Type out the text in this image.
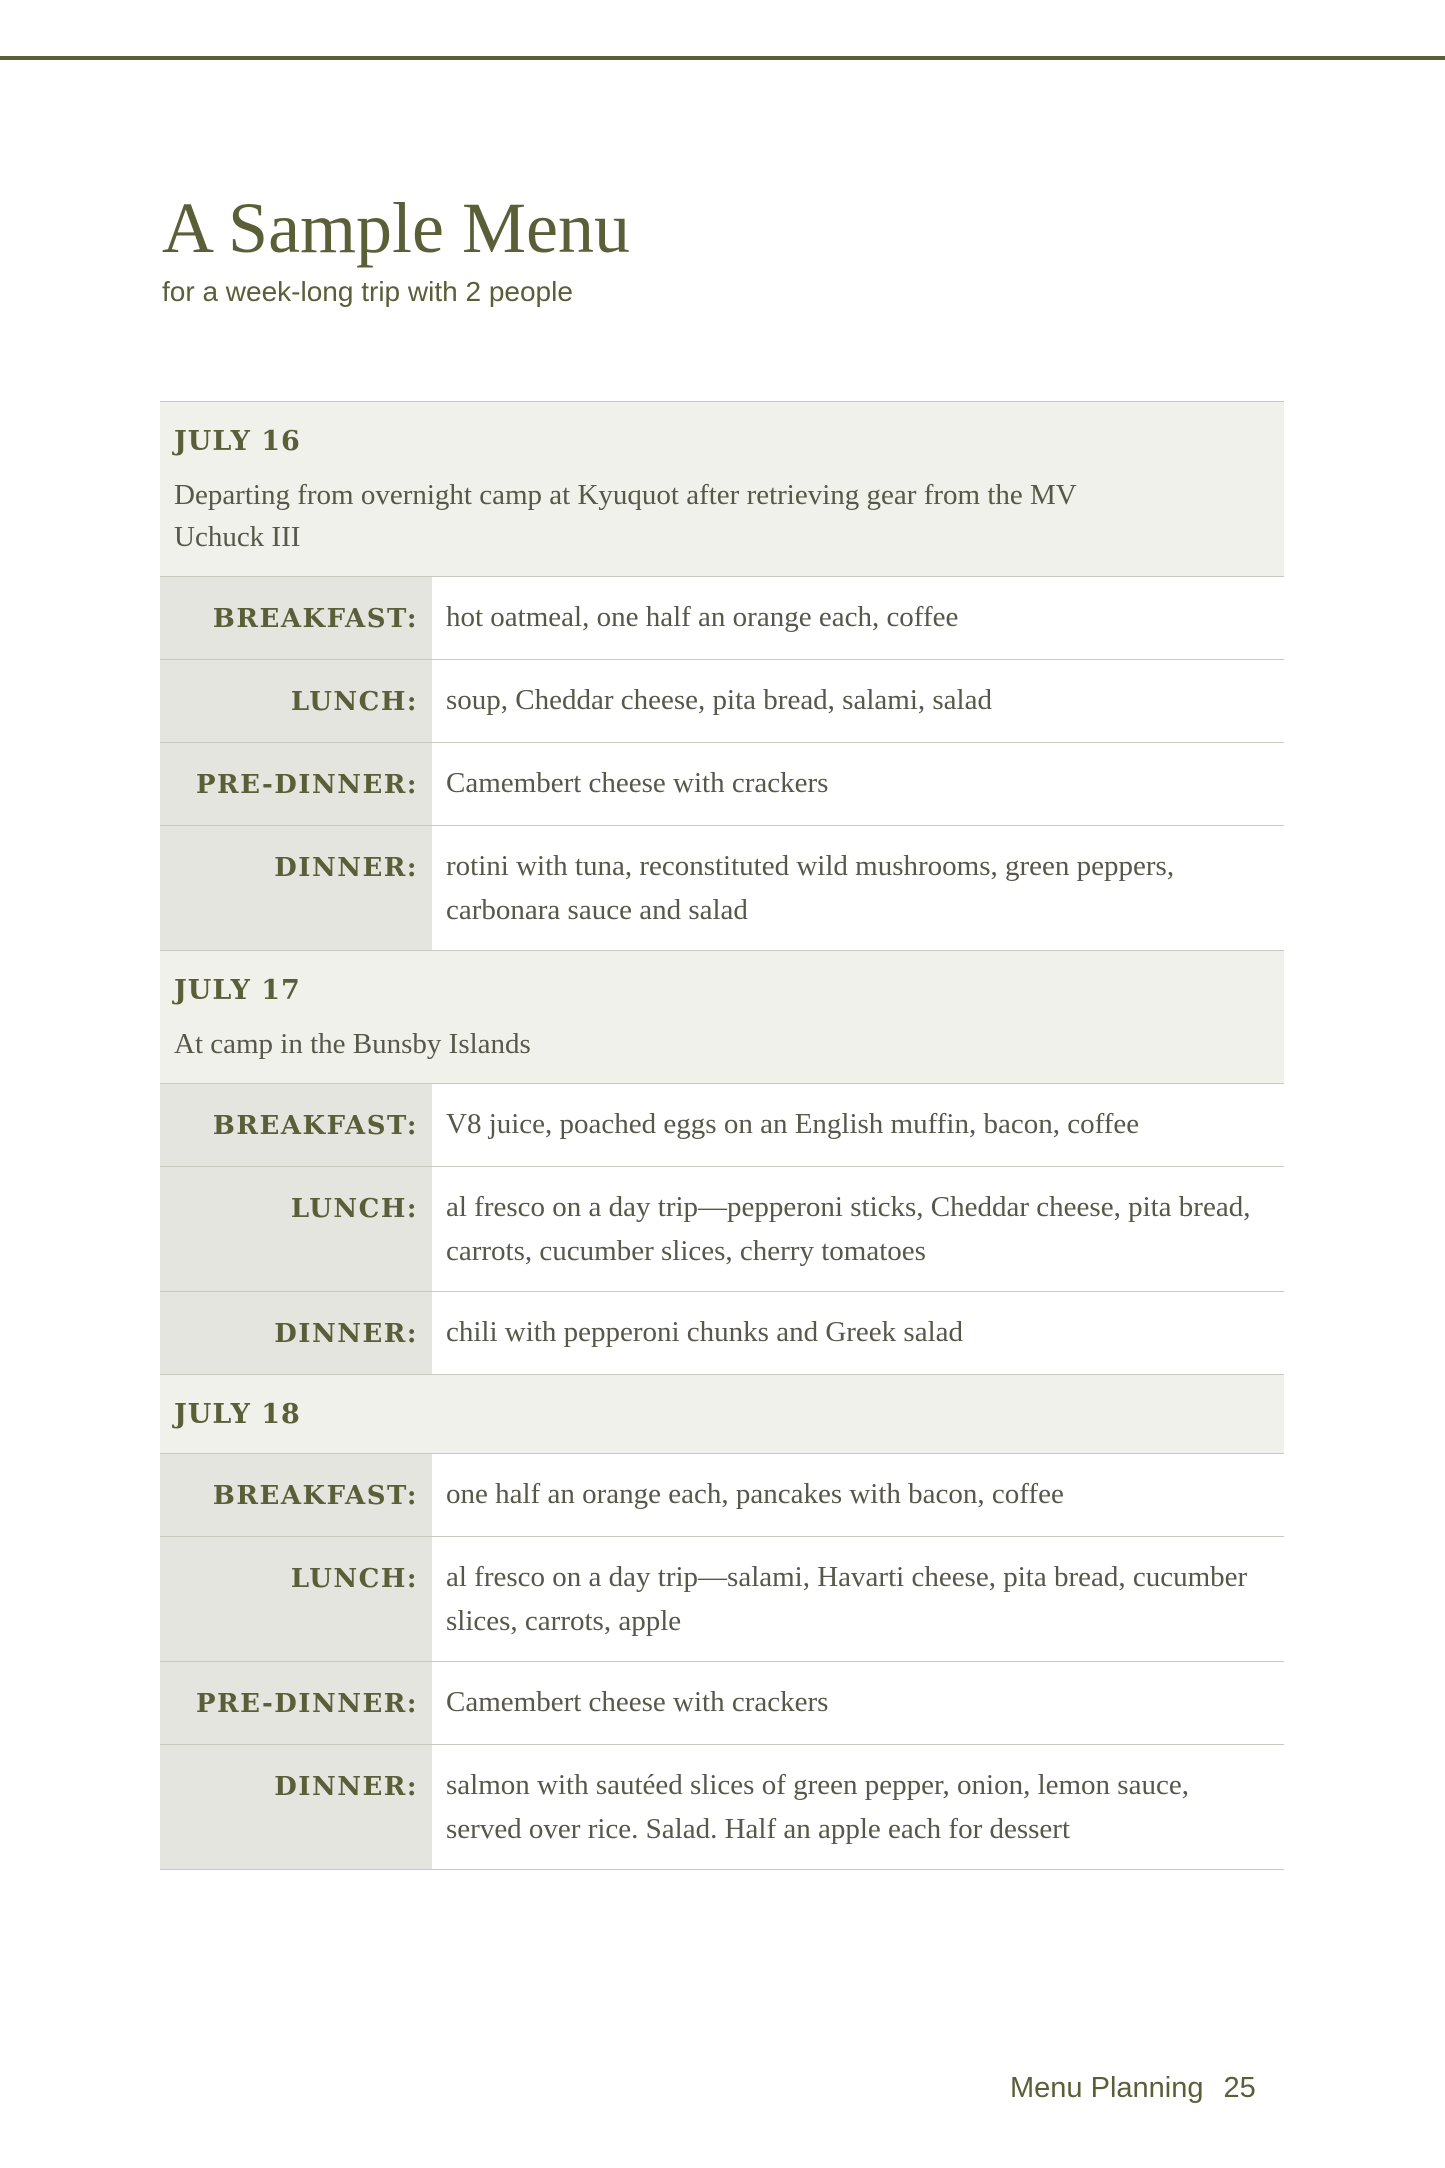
A Sample Menu
for a week-long trip with 2 people
JULY 16
Departing from overnight camp at Kyuquot after retrieving gear from the MV Uchuck III
BREAKFAST: hot oatmeal, one half an orange each, coffee
LUNCH: soup, Cheddar cheese, pita bread, salami, salad
PRE-DINNER: Camembert cheese with crackers
DINNER: rotini with tuna, reconstituted wild mushrooms, green peppers, carbonara sauce and salad
JULY 17
At camp in the Bunsby Islands
BREAKFAST: V8 juice, poached eggs on an English muffin, bacon, coffee
LUNCH: al fresco on a day trip—pepperoni sticks, Cheddar cheese, pita bread, carrots, cucumber slices, cherry tomatoes
DINNER: chili with pepperoni chunks and Greek salad
JULY 18
BREAKFAST: one half an orange each, pancakes with bacon, coffee
LUNCH: al fresco on a day trip—salami, Havarti cheese, pita bread, cucumber slices, carrots, apple
PRE-DINNER: Camembert cheese with crackers
DINNER: salmon with sautéed slices of green pepper, onion, lemon sauce, served over rice. Salad. Half an apple each for dessert
Menu Planning 25
